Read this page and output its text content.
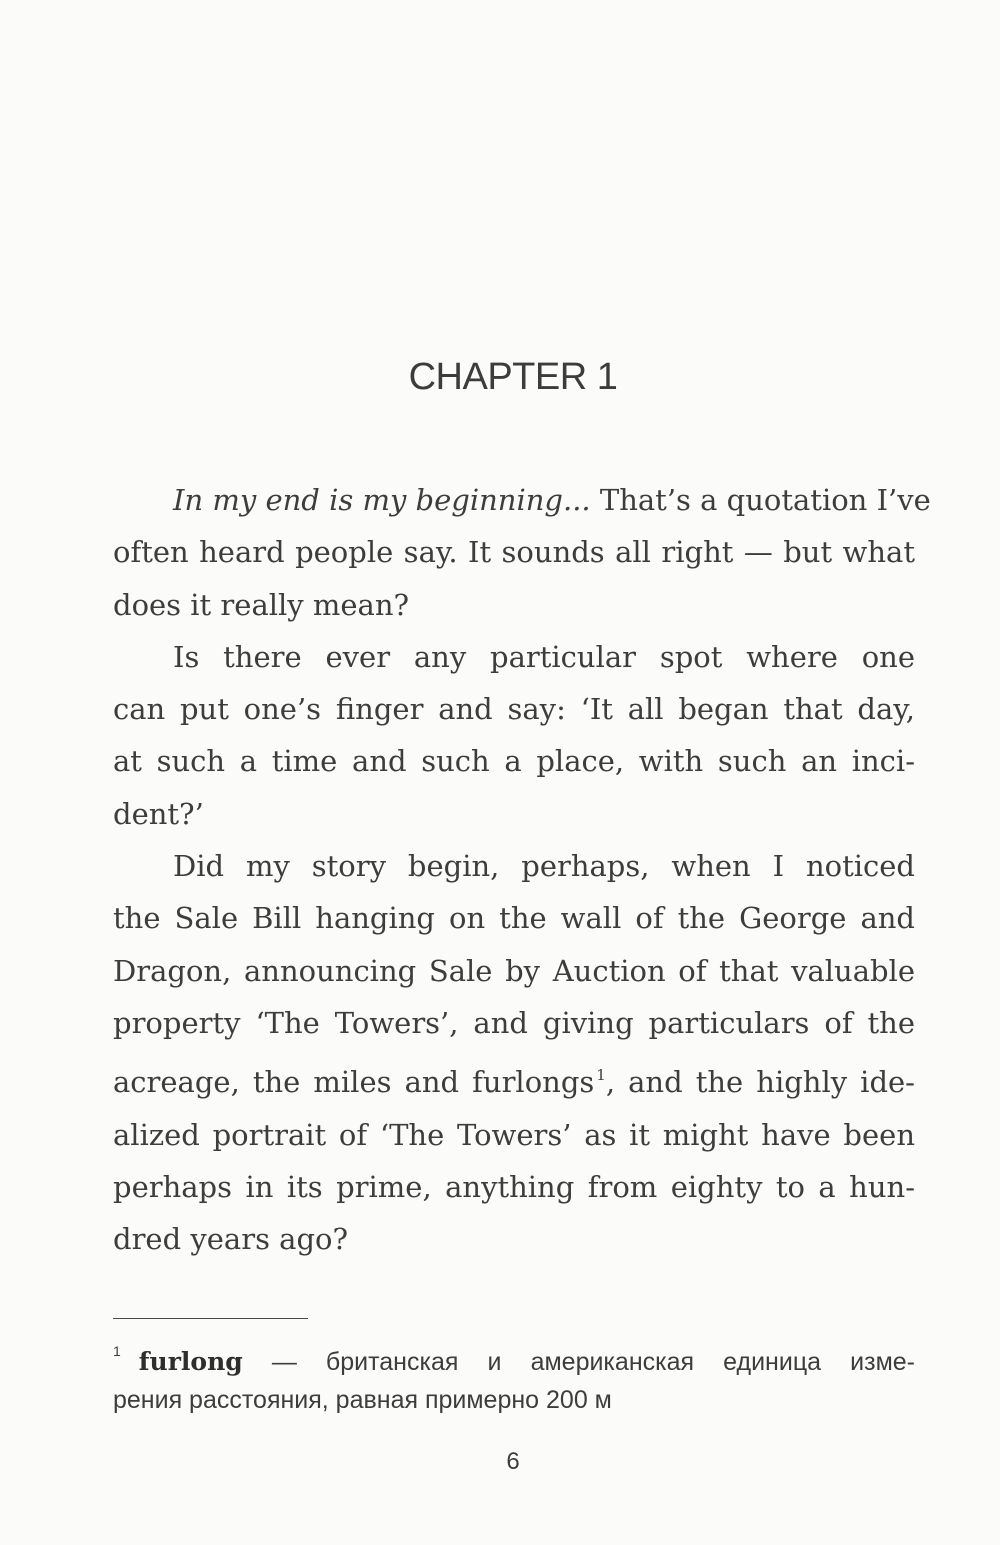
CHAPTER 1
In my end is my beginning... That’s a quotation I’ve
often heard people say. It sounds all right — but what
does it really mean?
Is there ever any particular spot where one
can put one’s finger and say: ‘It all began that day,
at such a time and such a place, with such an inci-
dent?’
Did my story begin, perhaps, when I noticed
the Sale Bill hanging on the wall of the George and
Dragon, announcing Sale by Auction of that valuable
property ‘The Towers’, and giving particulars of the
acreage, the miles and furlongs $^1$, and the highly ide-
alized portrait of ‘The Towers’ as it might have been
perhaps in its prime, anything from eighty to a hun-
dred years ago?
$^1$ furlong — британская и американская единица изме-
рения расстояния, равная примерно 200 м
6
